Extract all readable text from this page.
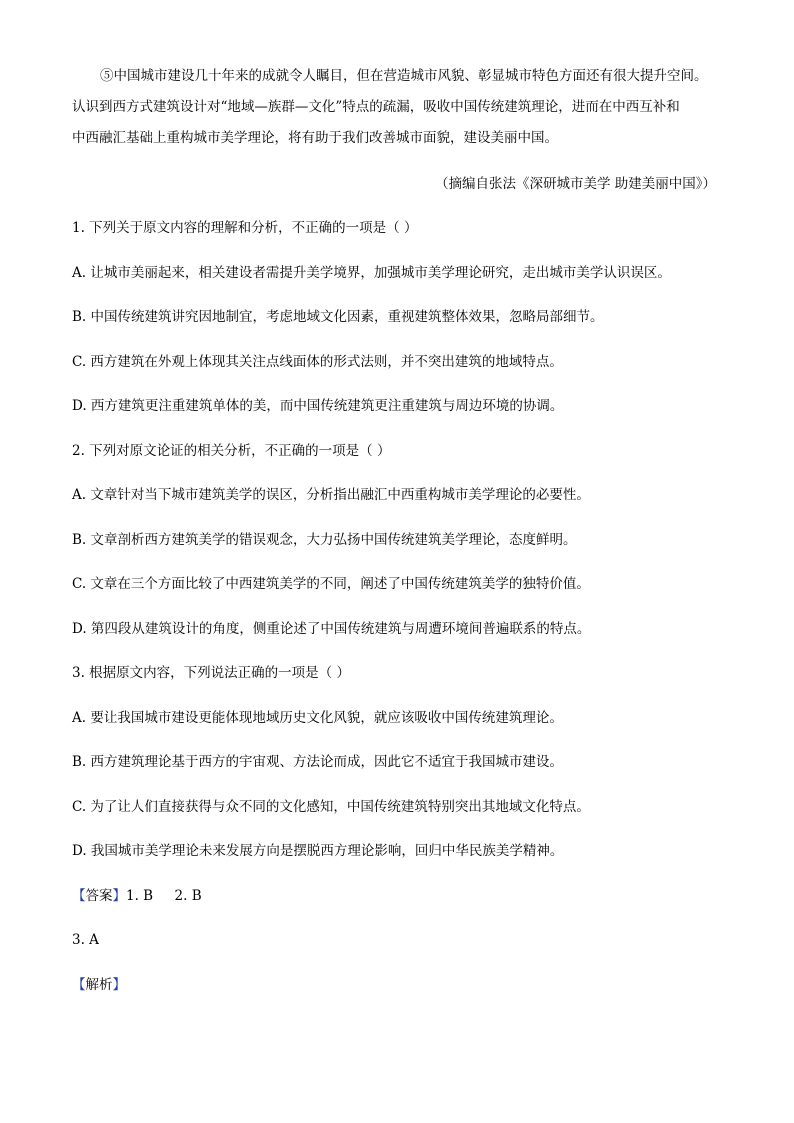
⑤中国城市建设几十年来的成就令人瞩目，但在营造城市风貌、彰显城市特色方面还有很大提升空间。
认识到西方式建筑设计对“地域—族群—文化”特点的疏漏，吸收中国传统建筑理论，进而在中西互补和
中西融汇基础上重构城市美学理论，将有助于我们改善城市面貌，建设美丽中国。
（摘编自张法《深研城市美学 助建美丽中国》）
1. 下列关于原文内容的理解和分析，不正确的一项是（ ）
A. 让城市美丽起来，相关建设者需提升美学境界，加强城市美学理论研究，走出城市美学认识误区。
B. 中国传统建筑讲究因地制宜，考虑地域文化因素，重视建筑整体效果，忽略局部细节。
C. 西方建筑在外观上体现其关注点线面体的形式法则，并不突出建筑的地域特点。
D. 西方建筑更注重建筑单体的美，而中国传统建筑更注重建筑与周边环境的协调。
2. 下列对原文论证的相关分析，不正确的一项是（ ）
A. 文章针对当下城市建筑美学的误区，分析指出融汇中西重构城市美学理论的必要性。
B. 文章剖析西方建筑美学的错误观念，大力弘扬中国传统建筑美学理论，态度鲜明。
C. 文章在三个方面比较了中西建筑美学的不同，阐述了中国传统建筑美学的独特价值。
D. 第四段从建筑设计的角度，侧重论述了中国传统建筑与周遭环境间普遍联系的特点。
3. 根据原文内容，下列说法正确的一项是（ ）
A. 要让我国城市建设更能体现地域历史文化风貌，就应该吸收中国传统建筑理论。
B. 西方建筑理论基于西方的宇宙观、方法论而成，因此它不适宜于我国城市建设。
C. 为了让人们直接获得与众不同的文化感知，中国传统建筑特别突出其地域文化特点。
D. 我国城市美学理论未来发展方向是摆脱西方理论影响，回归中华民族美学精神。
【答案】1. B     2. B
3. A
【解析】
